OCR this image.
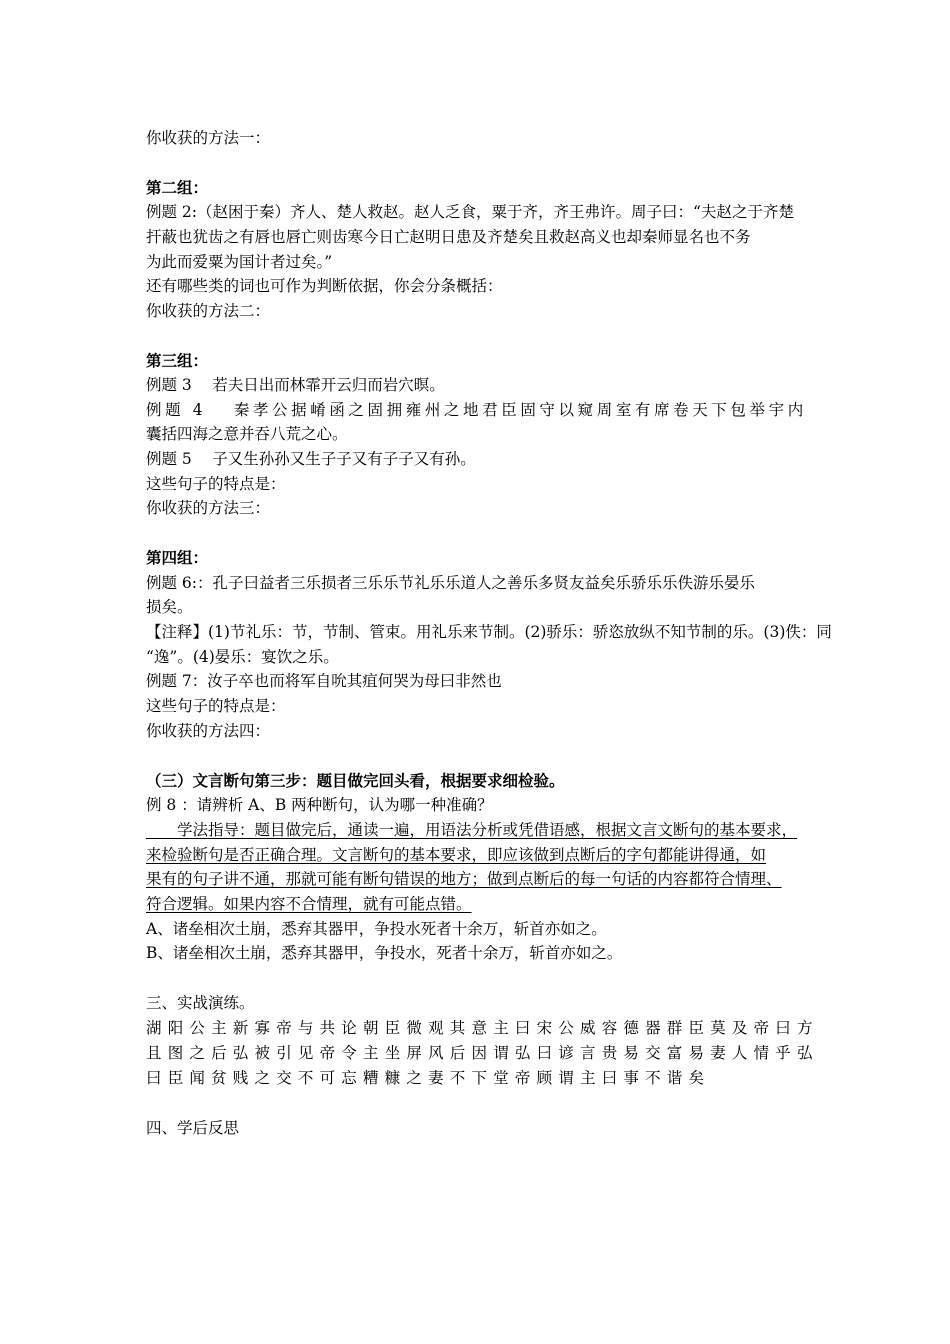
你收获的方法一：
第二组：
例题 2:（赵困于秦）齐人、楚人救赵。赵人乏食，粟于齐，齐王弗许。周子曰：“夫赵之于齐楚
扞蔽也犹齿之有唇也唇亡则齿寒今日亡赵明日患及齐楚矣且救赵高义也却秦师显名也不务
为此而爱粟为国计者过矣。”
还有哪些类的词也可作为判断依据，你会分条概括：
你收获的方法二：
第三组：
例题 3　 若夫日出而林霏开云归而岩穴暝。
例题 4　 秦孝公据崤函之固拥雍州之地君臣固守以窥周室有席卷天下包举宇内
囊括四海之意并吞八荒之心。
例题 5　 子又生孙孙又生子子又有子子又有孙。
这些句子的特点是：
你收获的方法三：
第四组：
例题 6:：孔子曰益者三乐损者三乐乐节礼乐乐道人之善乐多贤友益矣乐骄乐乐佚游乐晏乐
损矣。
【注释】(1)节礼乐：节，节制、管束。用礼乐来节制。(2)骄乐：骄恣放纵不知节制的乐。(3)佚：同
“逸”。(4)晏乐：宴饮之乐。
例题 7：汝子卒也而将军自吮其疽何哭为母曰非然也
这些句子的特点是：
你收获的方法四：
（三）文言断句第三步：题目做完回头看，根据要求细检验。
例 8 ：请辨析 A、B 两种断句，认为哪一种准确？
　　学法指导：题目做完后，通读一遍，用语法分析或凭借语感，根据文言文断句的基本要求，
来检验断句是否正确合理。文言断句的基本要求，即应该做到点断后的字句都能讲得通，如
果有的句子讲不通，那就可能有断句错误的地方；做到点断后的每一句话的内容都符合情理、
符合逻辑。如果内容不合情理，就有可能点错。
A、诸垒相次土崩，悉弃其器甲，争投水死者十余万，斩首亦如之。
B、诸垒相次土崩，悉弃其器甲，争投水，死者十余万，斩首亦如之。
三、实战演练。
湖阳公主新寡帝与共论朝臣微观其意主曰宋公威容德器群臣莫及帝曰方
且图之后弘被引见帝令主坐屏风后因谓弘曰谚言贵易交富易妻人情乎弘
曰臣闻贫贱之交不可忘糟糠之妻不下堂帝顾谓主曰事不谐矣
四、学后反思
